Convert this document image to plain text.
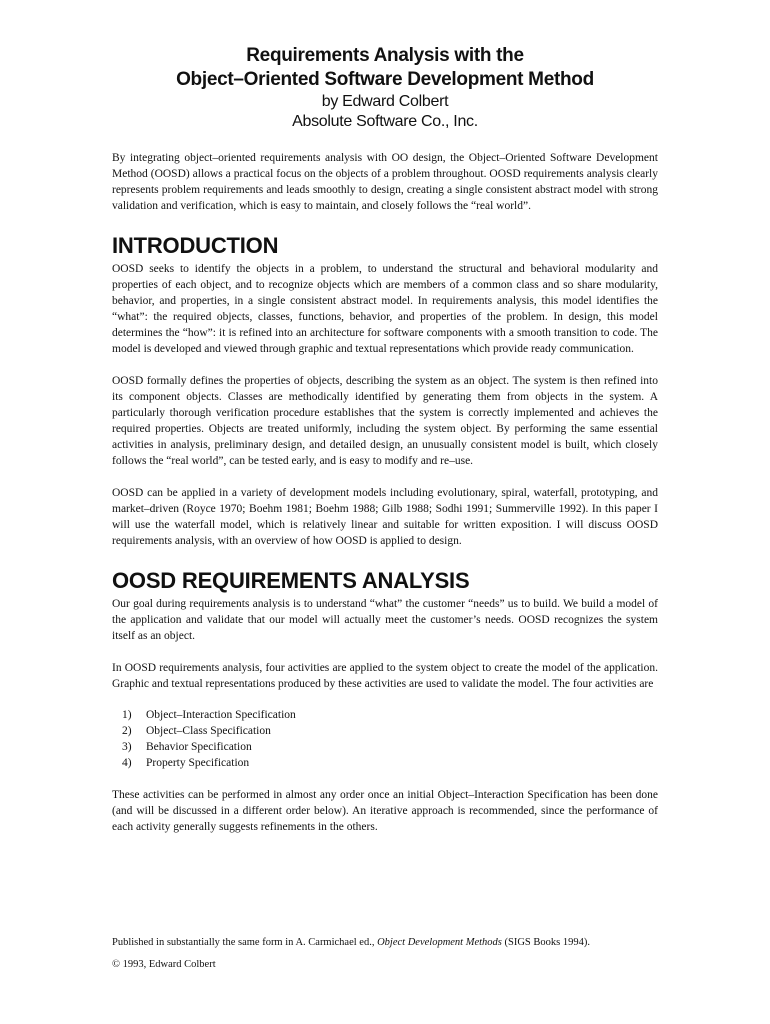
Requirements Analysis with the
Object–Oriented Software Development Method
by Edward Colbert
Absolute Software Co., Inc.

By integrating object–oriented requirements analysis with OO design, the Object–Oriented Software Development Method (OOSD) allows a practical focus on the objects of a problem throughout. OOSD requirements analysis clearly represents problem requirements and leads smoothly to design, creating a single consistent abstract model with strong validation and verification, which is easy to maintain, and closely follows the “real world”.

INTRODUCTION

OOSD seeks to identify the objects in a problem, to understand the structural and behavioral modularity and properties of each object, and to recognize objects which are members of a common class and so share modularity, behavior, and properties, in a single consistent abstract model. In requirements analysis, this model identifies the “what”: the required objects, classes, functions, behavior, and properties of the problem. In design, this model determines the “how”: it is refined into an architecture for software components with a smooth transition to code. The model is developed and viewed through graphic and textual representations which provide ready communication.

OOSD formally defines the properties of objects, describing the system as an object. The system is then refined into its component objects. Classes are methodically identified by generating them from objects in the system. A particularly thorough verification procedure establishes that the system is correctly implemented and achieves the required properties. Objects are treated uniformly, including the system object. By performing the same essential activities in analysis, preliminary design, and detailed design, an unusually consistent model is built, which closely follows the “real world”, can be tested early, and is easy to modify and re–use.

OOSD can be applied in a variety of development models including evolutionary, spiral, waterfall, prototyping, and market–driven (Royce 1970; Boehm 1981; Boehm 1988; Gilb 1988; Sodhi 1991; Summerville 1992). In this paper I will use the waterfall model, which is relatively linear and suitable for written exposition. I will discuss OOSD requirements analysis, with an overview of how OOSD is applied to design.

OOSD REQUIREMENTS ANALYSIS

Our goal during requirements analysis is to understand “what” the customer “needs” us to build. We build a model of the application and validate that our model will actually meet the customer’s needs. OOSD recognizes the system itself as an object.

In OOSD requirements analysis, four activities are applied to the system object to create the model of the application. Graphic and textual representations produced by these activities are used to validate the model. The four activities are

1) Object–Interaction Specification
2) Object–Class Specification
3) Behavior Specification
4) Property Specification

These activities can be performed in almost any order once an initial Object–Interaction Specification has been done (and will be discussed in a different order below). An iterative approach is recommended, since the performance of each activity generally suggests refinements in the others.

Published in substantially the same form in A. Carmichael ed., Object Development Methods (SIGS Books 1994).

© 1993, Edward Colbert
